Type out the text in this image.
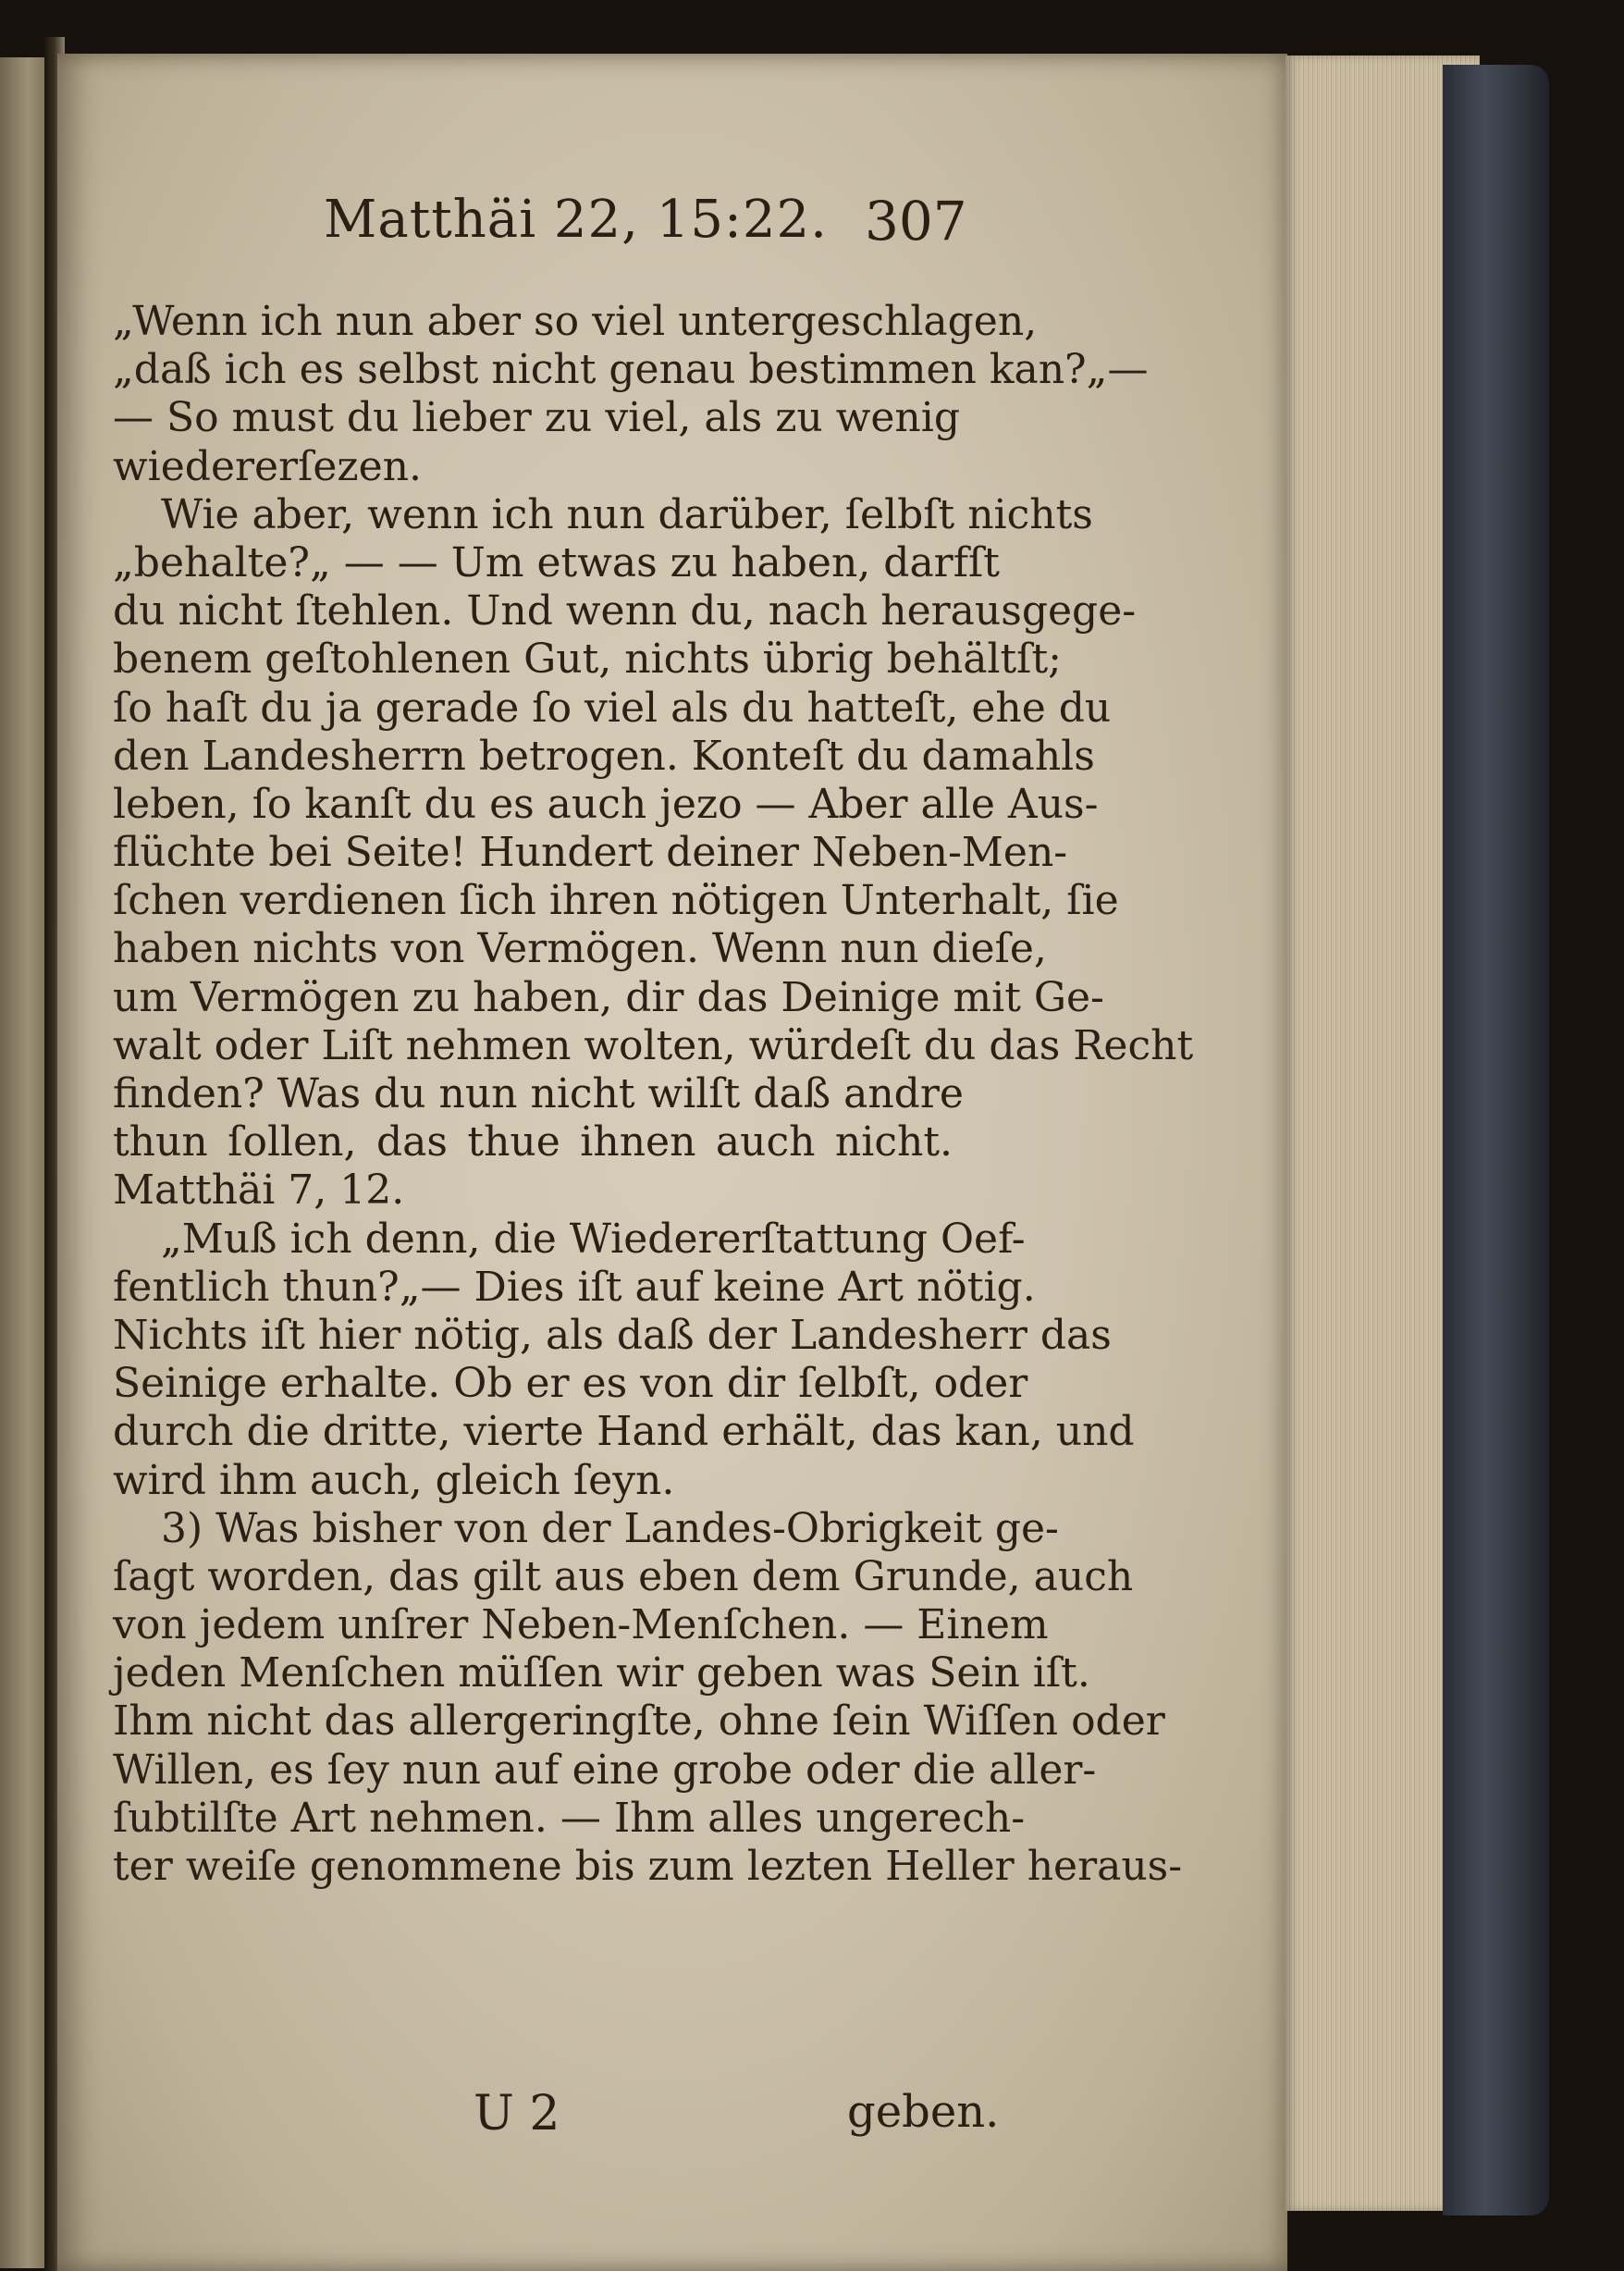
Matthäi 22, 15:22. 307
„Wenn ich nun aber so viel untergeschlagen,
„daß ich es selbst nicht genau bestimmen kan?„—
— So must du lieber zu viel, als zu wenig
wiedererſezen.
Wie aber, wenn ich nun darüber, ſelbſt nichts
„behalte?„ — — Um etwas zu haben, darfſt
du nicht ſtehlen. Und wenn du, nach herausgege-
benem geſtohlenen Gut, nichts übrig behältſt;
ſo haſt du ja gerade ſo viel als du hatteſt, ehe du
den Landesherrn betrogen. Konteſt du damahls
leben, ſo kanſt du es auch jezo — Aber alle Aus-
flüchte bei Seite! Hundert deiner Neben-Men-
ſchen verdienen ſich ihren nötigen Unterhalt, ſie
haben nichts von Vermögen. Wenn nun dieſe,
um Vermögen zu haben, dir das Deinige mit Ge-
walt oder Liſt nehmen wolten, würdeſt du das Recht
finden? Was du nun nicht wilſt daß andre
thun ſollen, das thue ihnen auch nicht.
Matthäi 7, 12.
„Muß ich denn, die Wiedererſtattung Oef-
fentlich thun?„— Dies iſt auf keine Art nötig.
Nichts iſt hier nötig, als daß der Landesherr das
Seinige erhalte. Ob er es von dir ſelbſt, oder
durch die dritte, vierte Hand erhält, das kan, und
wird ihm auch, gleich ſeyn.
3) Was bisher von der Landes-Obrigkeit ge-
ſagt worden, das gilt aus eben dem Grunde, auch
von jedem unſrer Neben-Menſchen. — Einem
jeden Menſchen müſſen wir geben was Sein iſt.
Ihm nicht das allergeringſte, ohne ſein Wiſſen oder
Willen, es ſey nun auf eine grobe oder die aller-
ſubtilſte Art nehmen. — Ihm alles ungerech-
ter weiſe genommene bis zum lezten Heller heraus-
U 2	geben.
